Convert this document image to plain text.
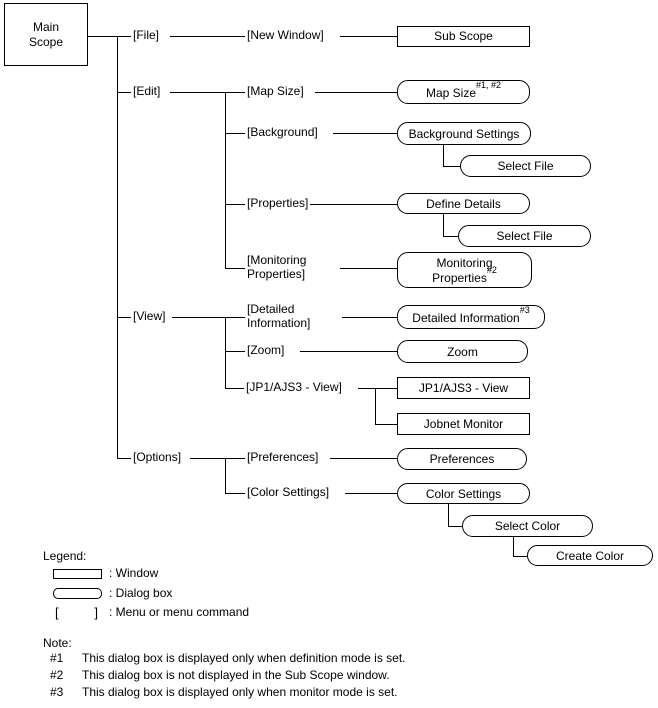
Main
Scope	[File]
[Edit]
[View]
[Options]
[New Window]
[Map Size]
[Background]
[Properties]
[Monitoring
Properties]
[Detailed
Information]
[Zoom]
[JP1/AJS3 - View]
[Preferences]
[Color Settings]
Sub Scope
JP1/AJS3 - View
Jobnet Monitor
Map Size$^{\#1, \#2}$
Background Settings
Select File
Define Details
Select File
Monitoring
Properties$^{\#2}$
Detailed Information$^{\#3}$
Zoom
Preferences
Color Settings
Select Color
Create Color
Legend:
: Window
: Dialog box
[	] : Menu or menu command
Note:
#1 This dialog box is displayed only when definition mode is set.
#2 This dialog box is not displayed in the Sub Scope window.
#3 This dialog box is displayed only when monitor mode is set.
